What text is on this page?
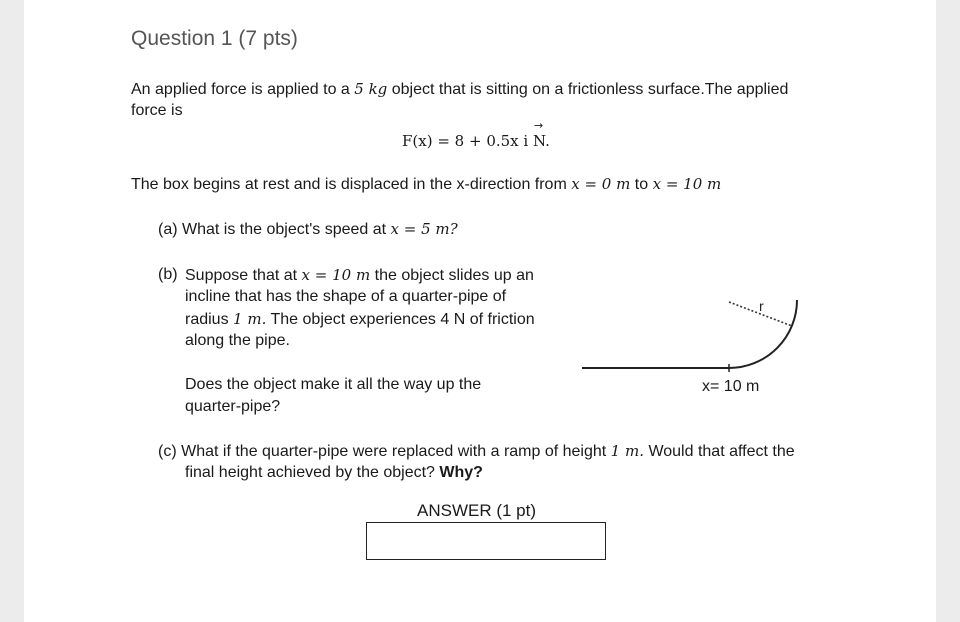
Question 1 (7 pts)
An applied force is applied to a 5 kg object that is sitting on a frictionless surface.The applied
force is
F(x) = 8 + 0.5x i N.
→
The box begins at rest and is displaced in the x-direction from x = 0 m to x = 10 m
(a) What is the object's speed at x = 5 m?
(b) Suppose that at x = 10 m the object slides up an
incline that has the shape of a quarter-pipe of
radius 1 m. The object experiences 4 N of friction
along the pipe.
Does the object make it all the way up the
quarter-pipe?
r
x= 10 m
(c) What if the quarter-pipe were replaced with a ramp of height 1 m. Would that affect the
final height achieved by the object? Why?
ANSWER (1 pt)
